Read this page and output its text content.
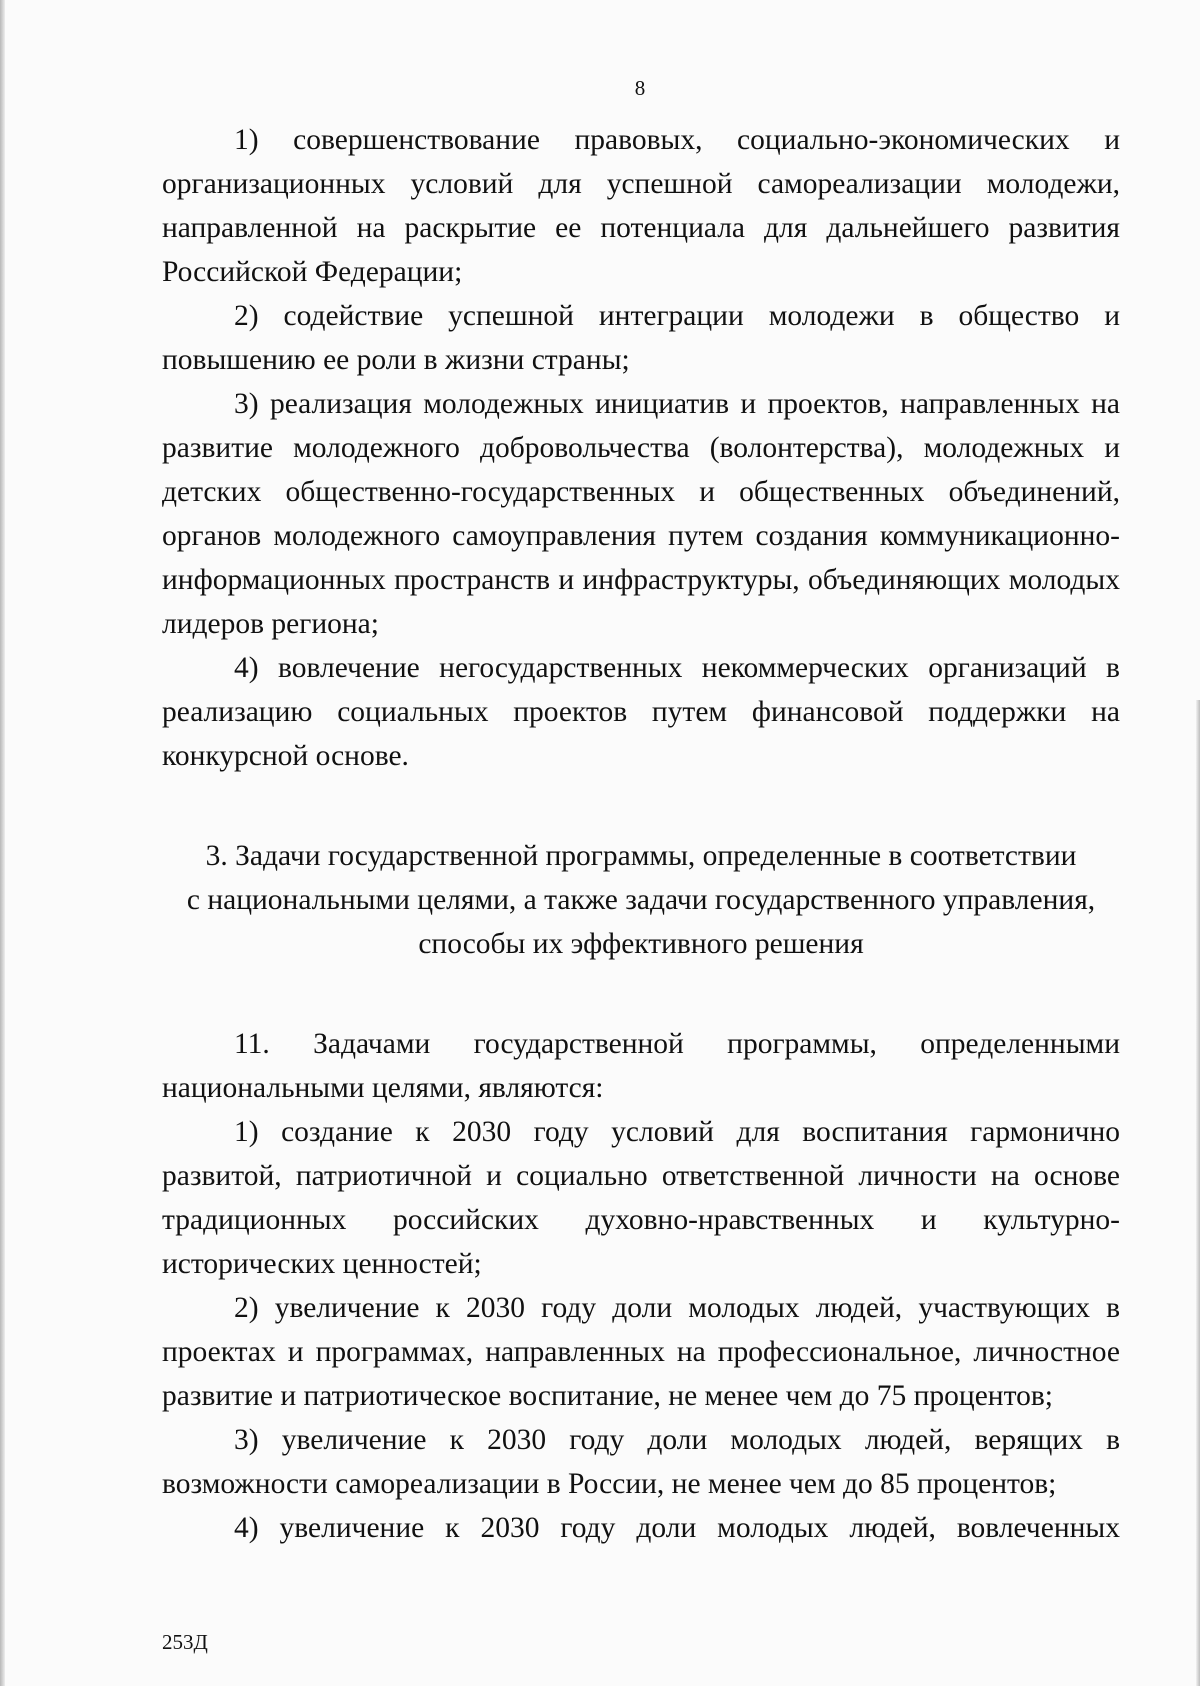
8

1) совершенствование правовых, социально-экономических и организационных условий для успешной самореализации молодежи, направленной на раскрытие ее потенциала для дальнейшего развития Российской Федерации;

2) содействие успешной интеграции молодежи в общество и повышению ее роли в жизни страны;

3) реализация молодежных инициатив и проектов, направленных на развитие молодежного добровольчества (волонтерства), молодежных и детских общественно-государственных и общественных объединений, органов молодежного самоуправления путем создания коммуникационно-информационных пространств и инфраструктуры, объединяющих молодых лидеров региона;

4) вовлечение негосударственных некоммерческих организаций в реализацию социальных проектов путем финансовой поддержки на конкурсной основе.

3. Задачи государственной программы, определенные в соответствии
с национальными целями, а также задачи государственного управления,
способы их эффективного решения

11. Задачами государственной программы, определенными национальными целями, являются:

1) создание к 2030 году условий для воспитания гармонично развитой, патриотичной и социально ответственной личности на основе традиционных российских духовно-нравственных и культурно-исторических ценностей;

2) увеличение к 2030 году доли молодых людей, участвующих в проектах и программах, направленных на профессиональное, личностное развитие и патриотическое воспитание, не менее чем до 75 процентов;

3) увеличение к 2030 году доли молодых людей, верящих в возможности самореализации в России, не менее чем до 85 процентов;

4) увеличение к 2030 году доли молодых людей, вовлеченных

253Д
